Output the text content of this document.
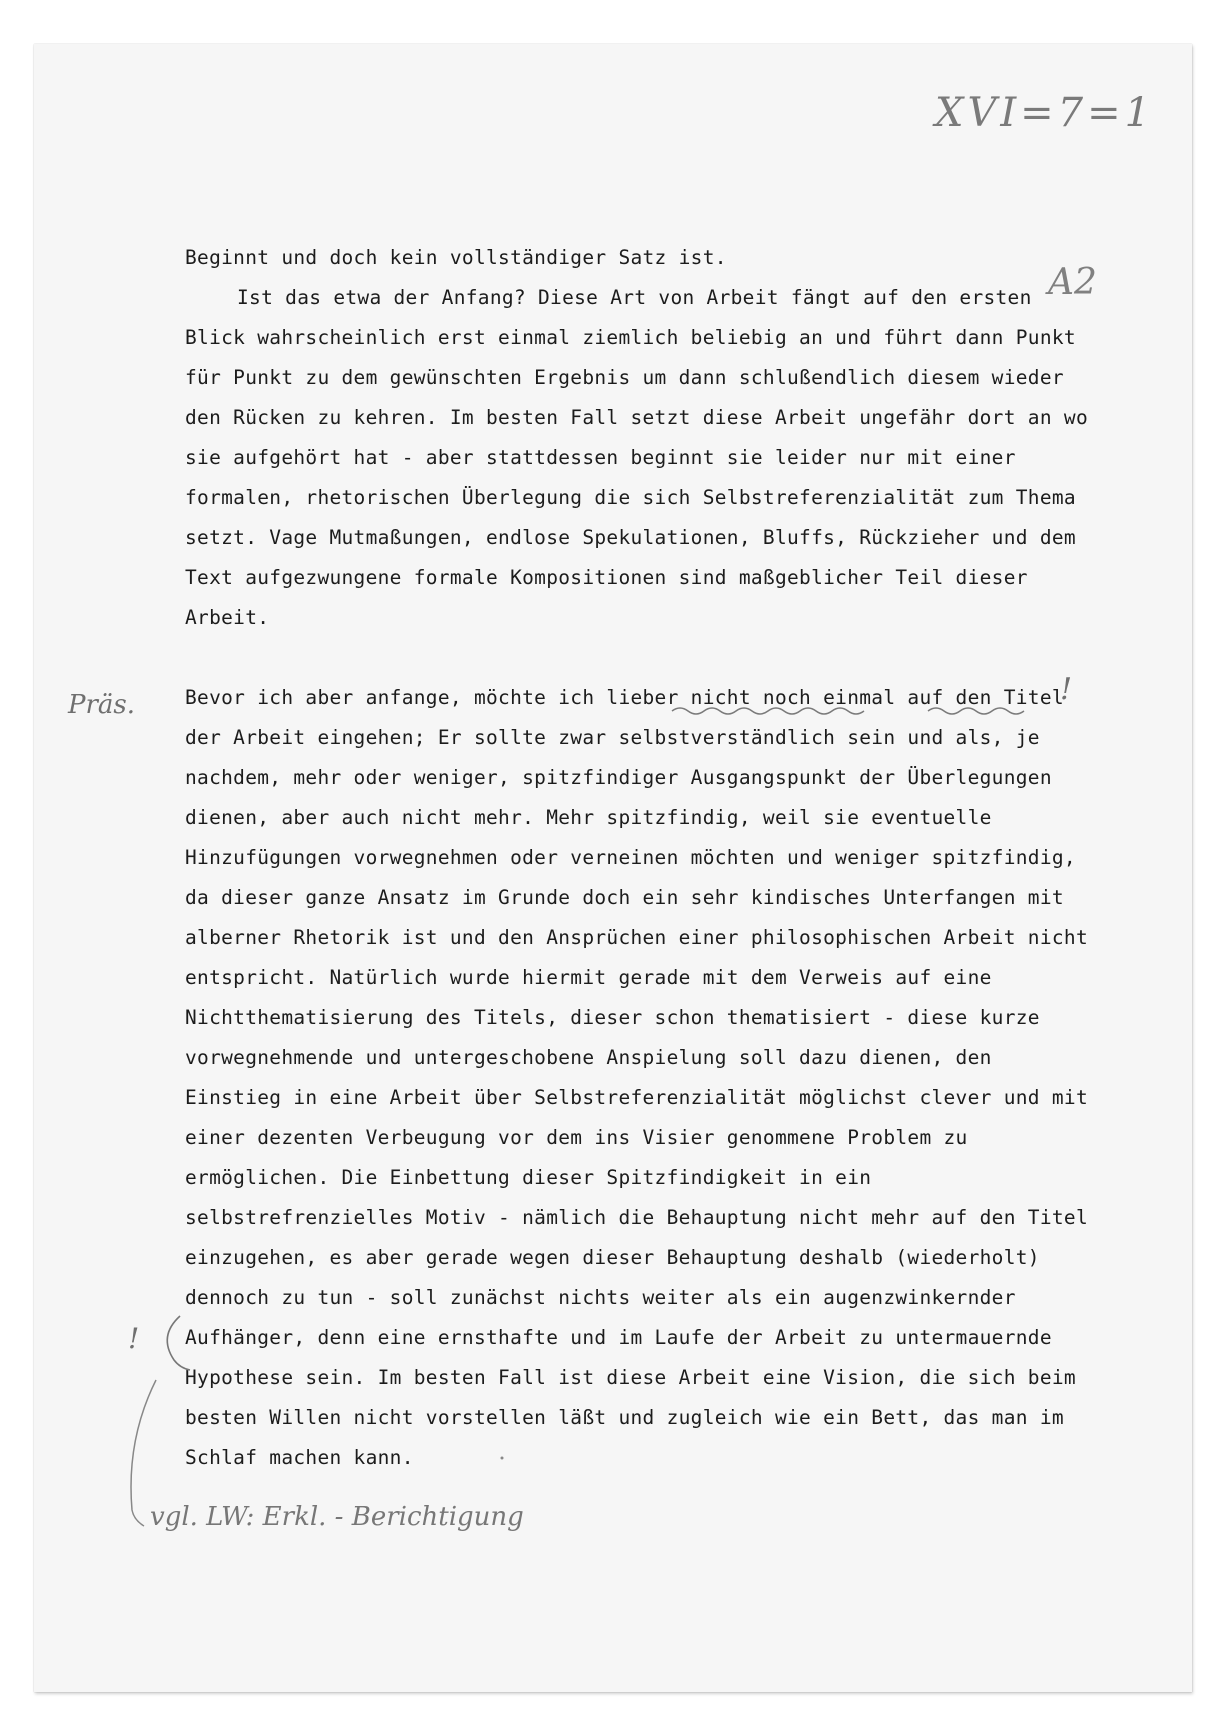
Beginnt und doch kein vollständiger Satz ist.
Ist das etwa der Anfang? Diese Art von Arbeit fängt auf den ersten
Blick wahrscheinlich erst einmal ziemlich beliebig an und führt dann Punkt
für Punkt zu dem gewünschten Ergebnis um dann schlußendlich diesem wieder
den Rücken zu kehren. Im besten Fall setzt diese Arbeit ungefähr dort an wo
sie aufgehört hat - aber stattdessen beginnt sie leider nur mit einer
formalen, rhetorischen Überlegung die sich Selbstreferenzialität zum Thema
setzt. Vage Mutmaßungen, endlose Spekulationen, Bluffs, Rückzieher und dem
Text aufgezwungene formale Kompositionen sind maßgeblicher Teil dieser
Arbeit.
Bevor ich aber anfange, möchte ich lieber nicht noch einmal auf den Titel
der Arbeit eingehen; Er sollte zwar selbstverständlich sein und als, je
nachdem, mehr oder weniger, spitzfindiger Ausgangspunkt der Überlegungen
dienen, aber auch nicht mehr. Mehr spitzfindig, weil sie eventuelle
Hinzufügungen vorwegnehmen oder verneinen möchten und weniger spitzfindig,
da dieser ganze Ansatz im Grunde doch ein sehr kindisches Unterfangen mit
alberner Rhetorik ist und den Ansprüchen einer philosophischen Arbeit nicht
entspricht. Natürlich wurde hiermit gerade mit dem Verweis auf eine
Nichtthematisierung des Titels, dieser schon thematisiert - diese kurze
vorwegnehmende und untergeschobene Anspielung soll dazu dienen, den
Einstieg in eine Arbeit über Selbstreferenzialität möglichst clever und mit
einer dezenten Verbeugung vor dem ins Visier genommene Problem zu
ermöglichen. Die Einbettung dieser Spitzfindigkeit in ein
selbstrefrenzielles Motiv - nämlich die Behauptung nicht mehr auf den Titel
einzugehen, es aber gerade wegen dieser Behauptung deshalb (wiederholt)
dennoch zu tun - soll zunächst nichts weiter als ein augenzwinkernder
Aufhänger, denn eine ernsthafte und im Laufe der Arbeit zu untermauernde
Hypothese sein. Im besten Fall ist diese Arbeit eine Vision, die sich beim
besten Willen nicht vorstellen läßt und zugleich wie ein Bett, das man im
Schlaf machen kann.
XVI=7=1
A2
Präs.	!
!
vgl. LW: Erkl. - Berichtigung
